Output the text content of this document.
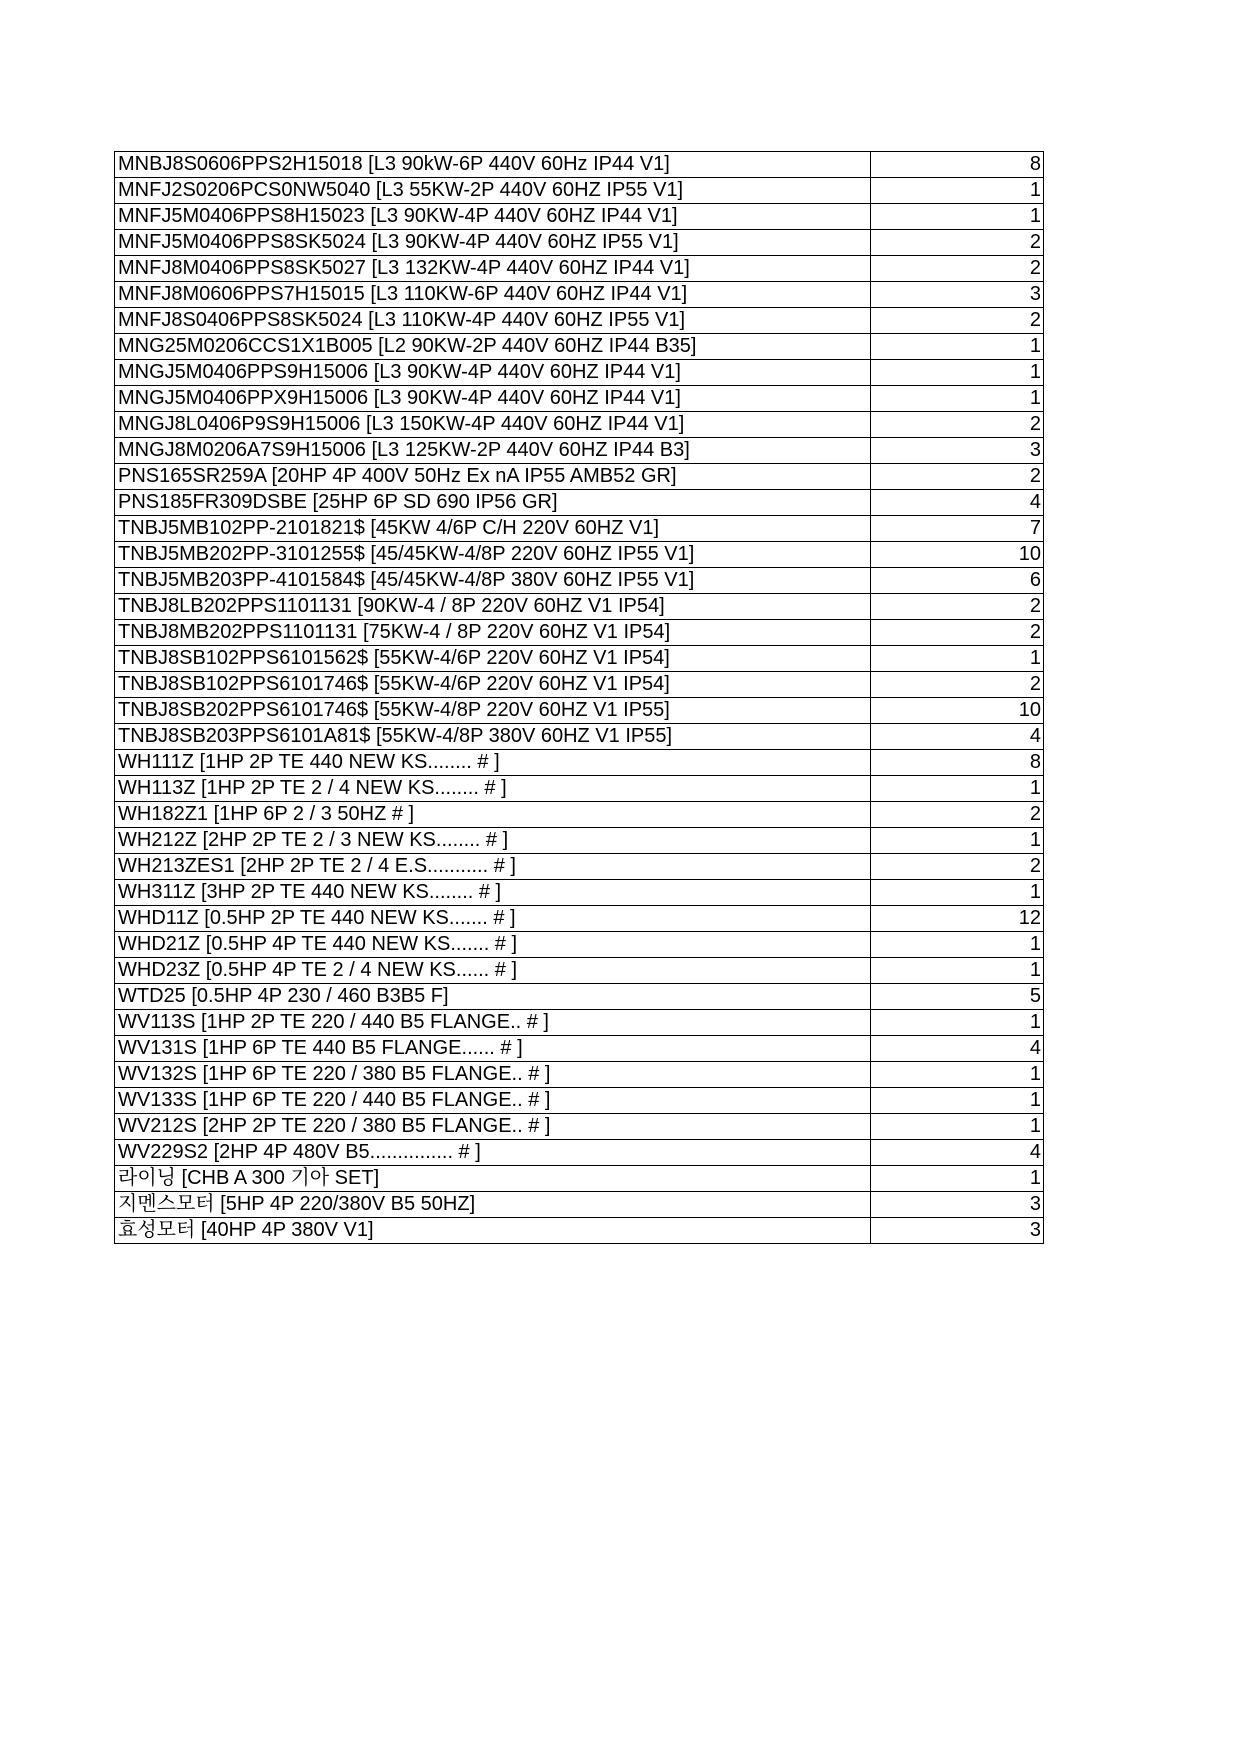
MNBJ8S0606PPS2H15018 [L3 90kW-6P 440V 60Hz IP44 V1]	8
MNFJ2S0206PCS0NW5040 [L3 55KW-2P 440V 60HZ IP55 V1]	1
MNFJ5M0406PPS8H15023 [L3 90KW-4P 440V 60HZ IP44 V1]	1
MNFJ5M0406PPS8SK5024 [L3 90KW-4P 440V 60HZ IP55 V1]	2
MNFJ8M0406PPS8SK5027 [L3 132KW-4P 440V 60HZ IP44 V1]	2
MNFJ8M0606PPS7H15015 [L3 110KW-6P 440V 60HZ IP44 V1]	3
MNFJ8S0406PPS8SK5024 [L3 110KW-4P 440V 60HZ IP55 V1]	2
MNG25M0206CCS1X1B005 [L2 90KW-2P 440V 60HZ IP44 B35]	1
MNGJ5M0406PPS9H15006 [L3 90KW-4P 440V 60HZ IP44 V1]	1
MNGJ5M0406PPX9H15006 [L3 90KW-4P 440V 60HZ IP44 V1]	1
MNGJ8L0406P9S9H15006 [L3 150KW-4P 440V 60HZ IP44 V1]	2
MNGJ8M0206A7S9H15006 [L3 125KW-2P 440V 60HZ IP44 B3]	3
PNS165SR259A [20HP 4P 400V 50Hz Ex nA IP55 AMB52 GR]	2
PNS185FR309DSBE [25HP 6P SD 690 IP56 GR]	4
TNBJ5MB102PP-2101821$ [45KW 4/6P C/H 220V 60HZ V1]	7
TNBJ5MB202PP-3101255$ [45/45KW-4/8P 220V 60HZ IP55 V1]	10
TNBJ5MB203PP-4101584$ [45/45KW-4/8P 380V 60HZ IP55 V1]	6
TNBJ8LB202PPS1101131 [90KW-4 / 8P 220V 60HZ V1 IP54]	2
TNBJ8MB202PPS1101131 [75KW-4 / 8P 220V 60HZ V1 IP54]	2
TNBJ8SB102PPS6101562$ [55KW-4/6P 220V 60HZ V1 IP54]	1
TNBJ8SB102PPS6101746$ [55KW-4/6P 220V 60HZ V1 IP54]	2
TNBJ8SB202PPS6101746$ [55KW-4/8P 220V 60HZ V1 IP55]	10
TNBJ8SB203PPS6101A81$ [55KW-4/8P 380V 60HZ V1 IP55]	4
WH111Z [1HP 2P TE 440 NEW KS........ # ]	8
WH113Z [1HP 2P TE 2 / 4 NEW KS........ # ]	1
WH182Z1 [1HP 6P 2 / 3 50HZ # ]	2
WH212Z [2HP 2P TE 2 / 3 NEW KS........ # ]	1
WH213ZES1 [2HP 2P TE 2 / 4 E.S........... # ]	2
WH311Z [3HP 2P TE 440 NEW KS........ # ]	1
WHD11Z [0.5HP 2P TE 440 NEW KS....... # ]	12
WHD21Z [0.5HP 4P TE 440 NEW KS....... # ]	1
WHD23Z [0.5HP 4P TE 2 / 4 NEW KS...... # ]	1
WTD25 [0.5HP 4P 230 / 460 B3B5 F]	5
WV113S [1HP 2P TE 220 / 440 B5 FLANGE.. # ]	1
WV131S [1HP 6P TE 440 B5 FLANGE...... # ]	4
WV132S [1HP 6P TE 220 / 380 B5 FLANGE.. # ]	1
WV133S [1HP 6P TE 220 / 440 B5 FLANGE.. # ]	1
WV212S [2HP 2P TE 220 / 380 B5 FLANGE.. # ]	1
WV229S2 [2HP 4P 480V B5............... # ]	4
라이닝 [CHB A 300 기아 SET]	1
지멘스모터 [5HP 4P 220/380V B5 50HZ]	3
효성모터 [40HP 4P 380V V1]	3
